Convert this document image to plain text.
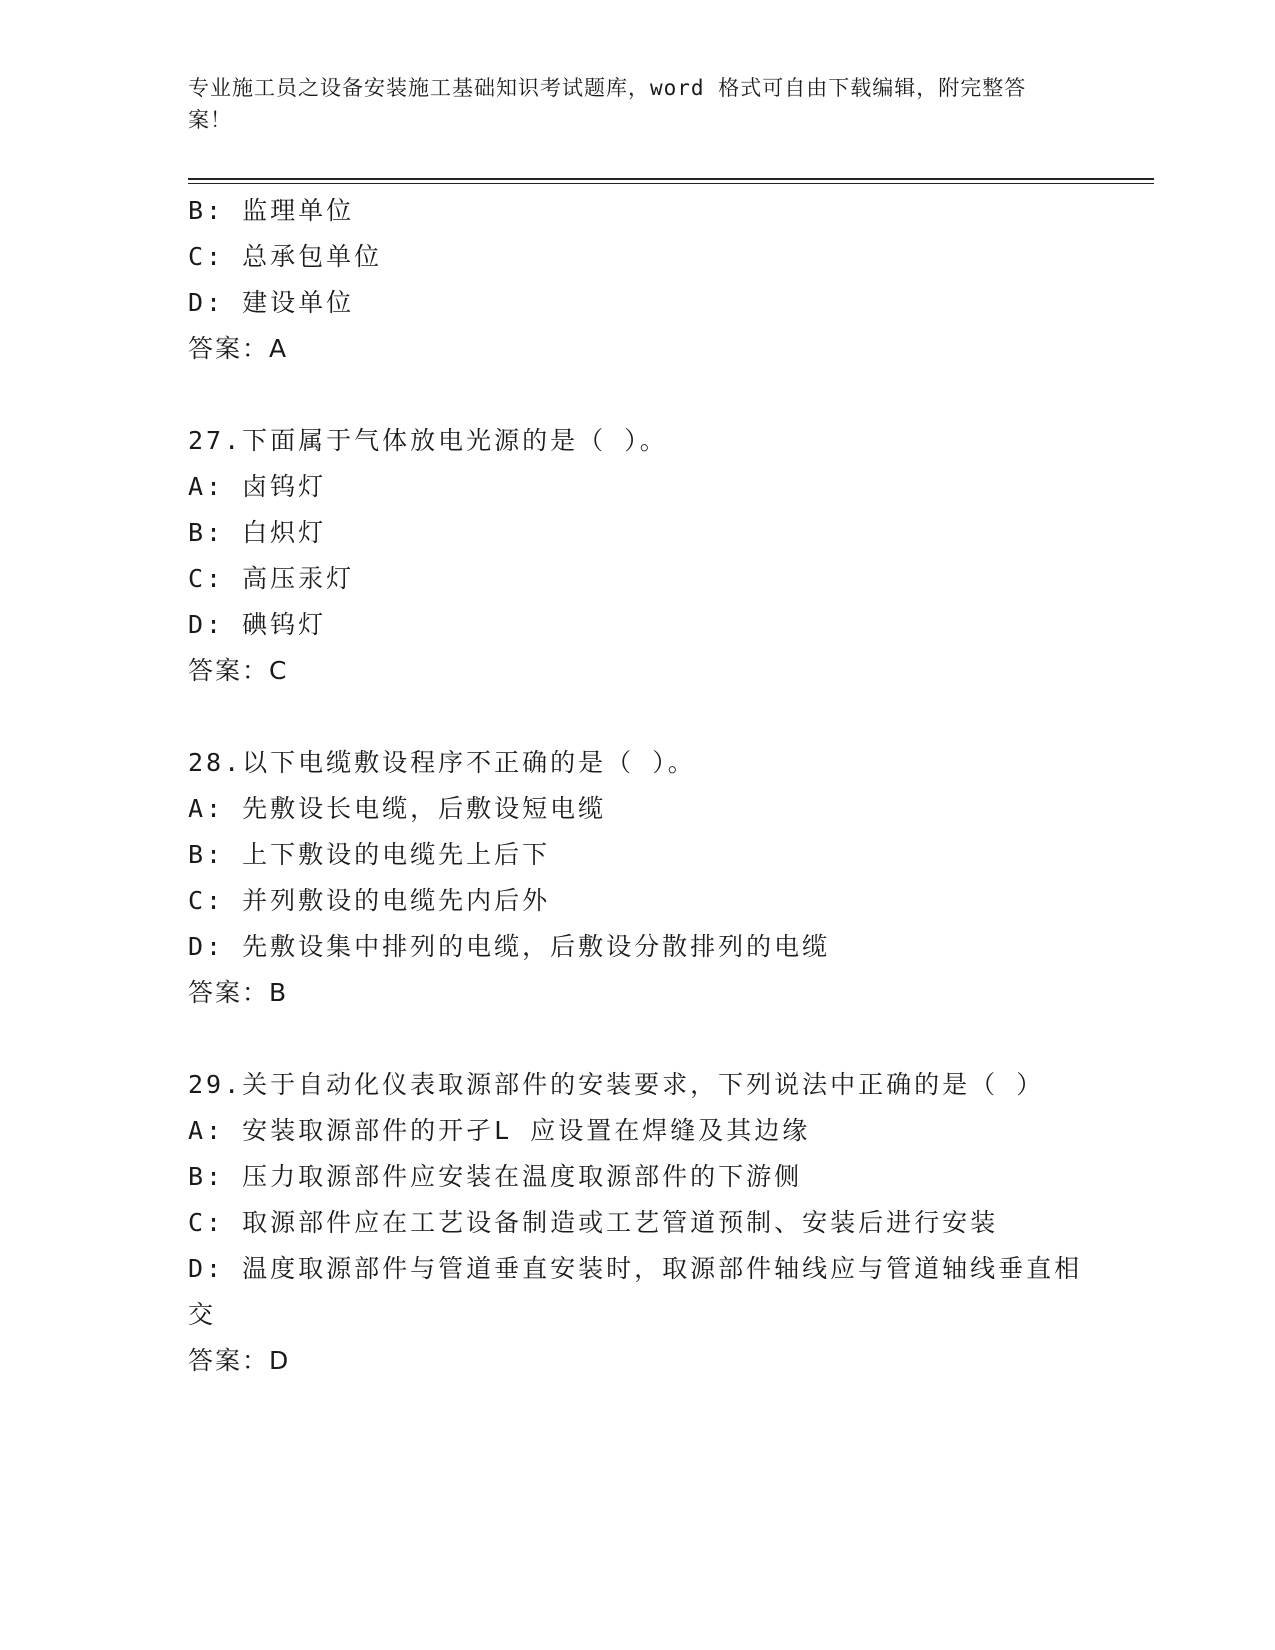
专业施工员之设备安装施工基础知识考试题库，word 格式可自由下载编辑，附完整答案！
B: 监理单位
C: 总承包单位
D: 建设单位
答案：A
27.下面属于气体放电光源的是（ ）。
A: 卤钨灯
B: 白炽灯
C: 高压汞灯
D: 碘钨灯
答案：C
28.以下电缆敷设程序不正确的是（ ）。
A: 先敷设长电缆，后敷设短电缆
B: 上下敷设的电缆先上后下
C: 并列敷设的电缆先内后外
D: 先敷设集中排列的电缆，后敷设分散排列的电缆
答案：B
29.关于自动化仪表取源部件的安装要求，下列说法中正确的是（ ）
A: 安装取源部件的开孑L 应设置在焊缝及其边缘
B: 压力取源部件应安装在温度取源部件的下游侧
C: 取源部件应在工艺设备制造或工艺管道预制、安装后进行安装
D: 温度取源部件与管道垂直安装时，取源部件轴线应与管道轴线垂直相交
答案：D
